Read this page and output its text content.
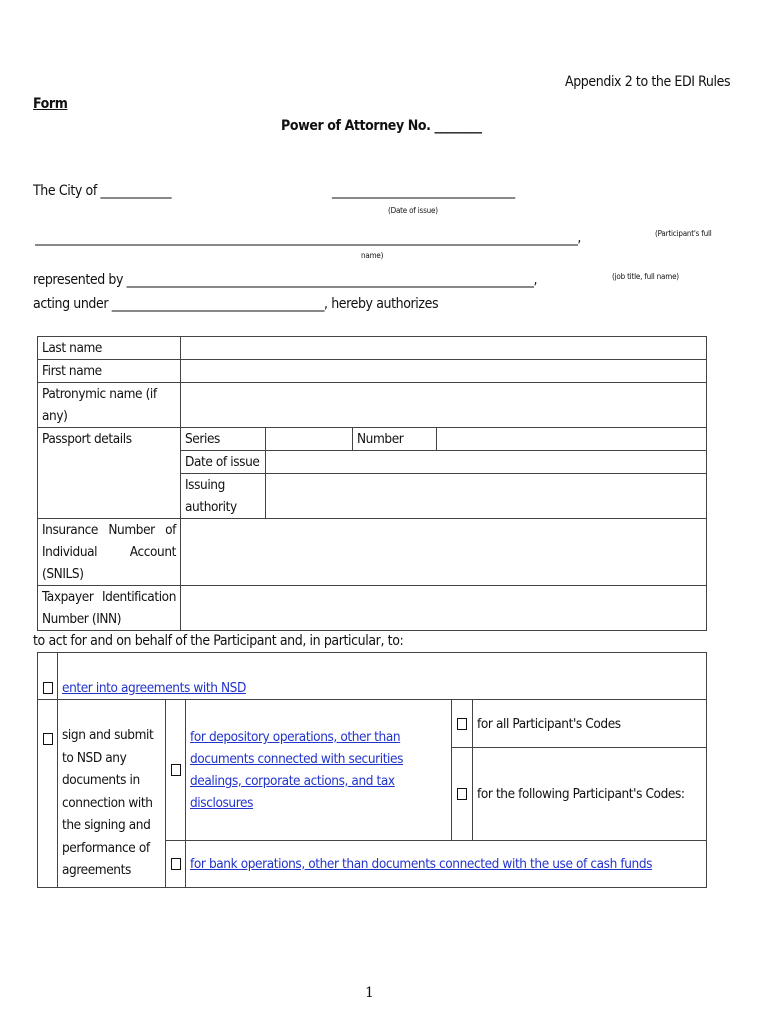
Appendix 2 to the EDI Rules
Form
Power of Attorney No. ________
The City of ____________	_______________________________
(Date of issue)
____________________________________________________________________________________________,	(Participant's full
name)
represented by _____________________________________________________________________,	(job title, full name)
acting under ____________________________________, hereby authorizes
Last name				
First name				
Patronymic name (if any)				
Passport details	Series		Number	
	Date of issue			
	Issuing authority			

Insurance Number of
Individual Account
(SNILS)				

Taxpayer Identification
Number (INN)				

to act for and on behalf of the Participant and, in particular, to:
	enter into agreements with NSD				
	sign and submit to NSD any documents in connection with the signing and performance of agreements		for depository operations, other than documents connected with securities dealings, corporate actions, and tax disclosures		for all Participant's Codes
					for the following Participant's Codes:
			for bank operations, other than documents connected with the use of cash funds		
1
